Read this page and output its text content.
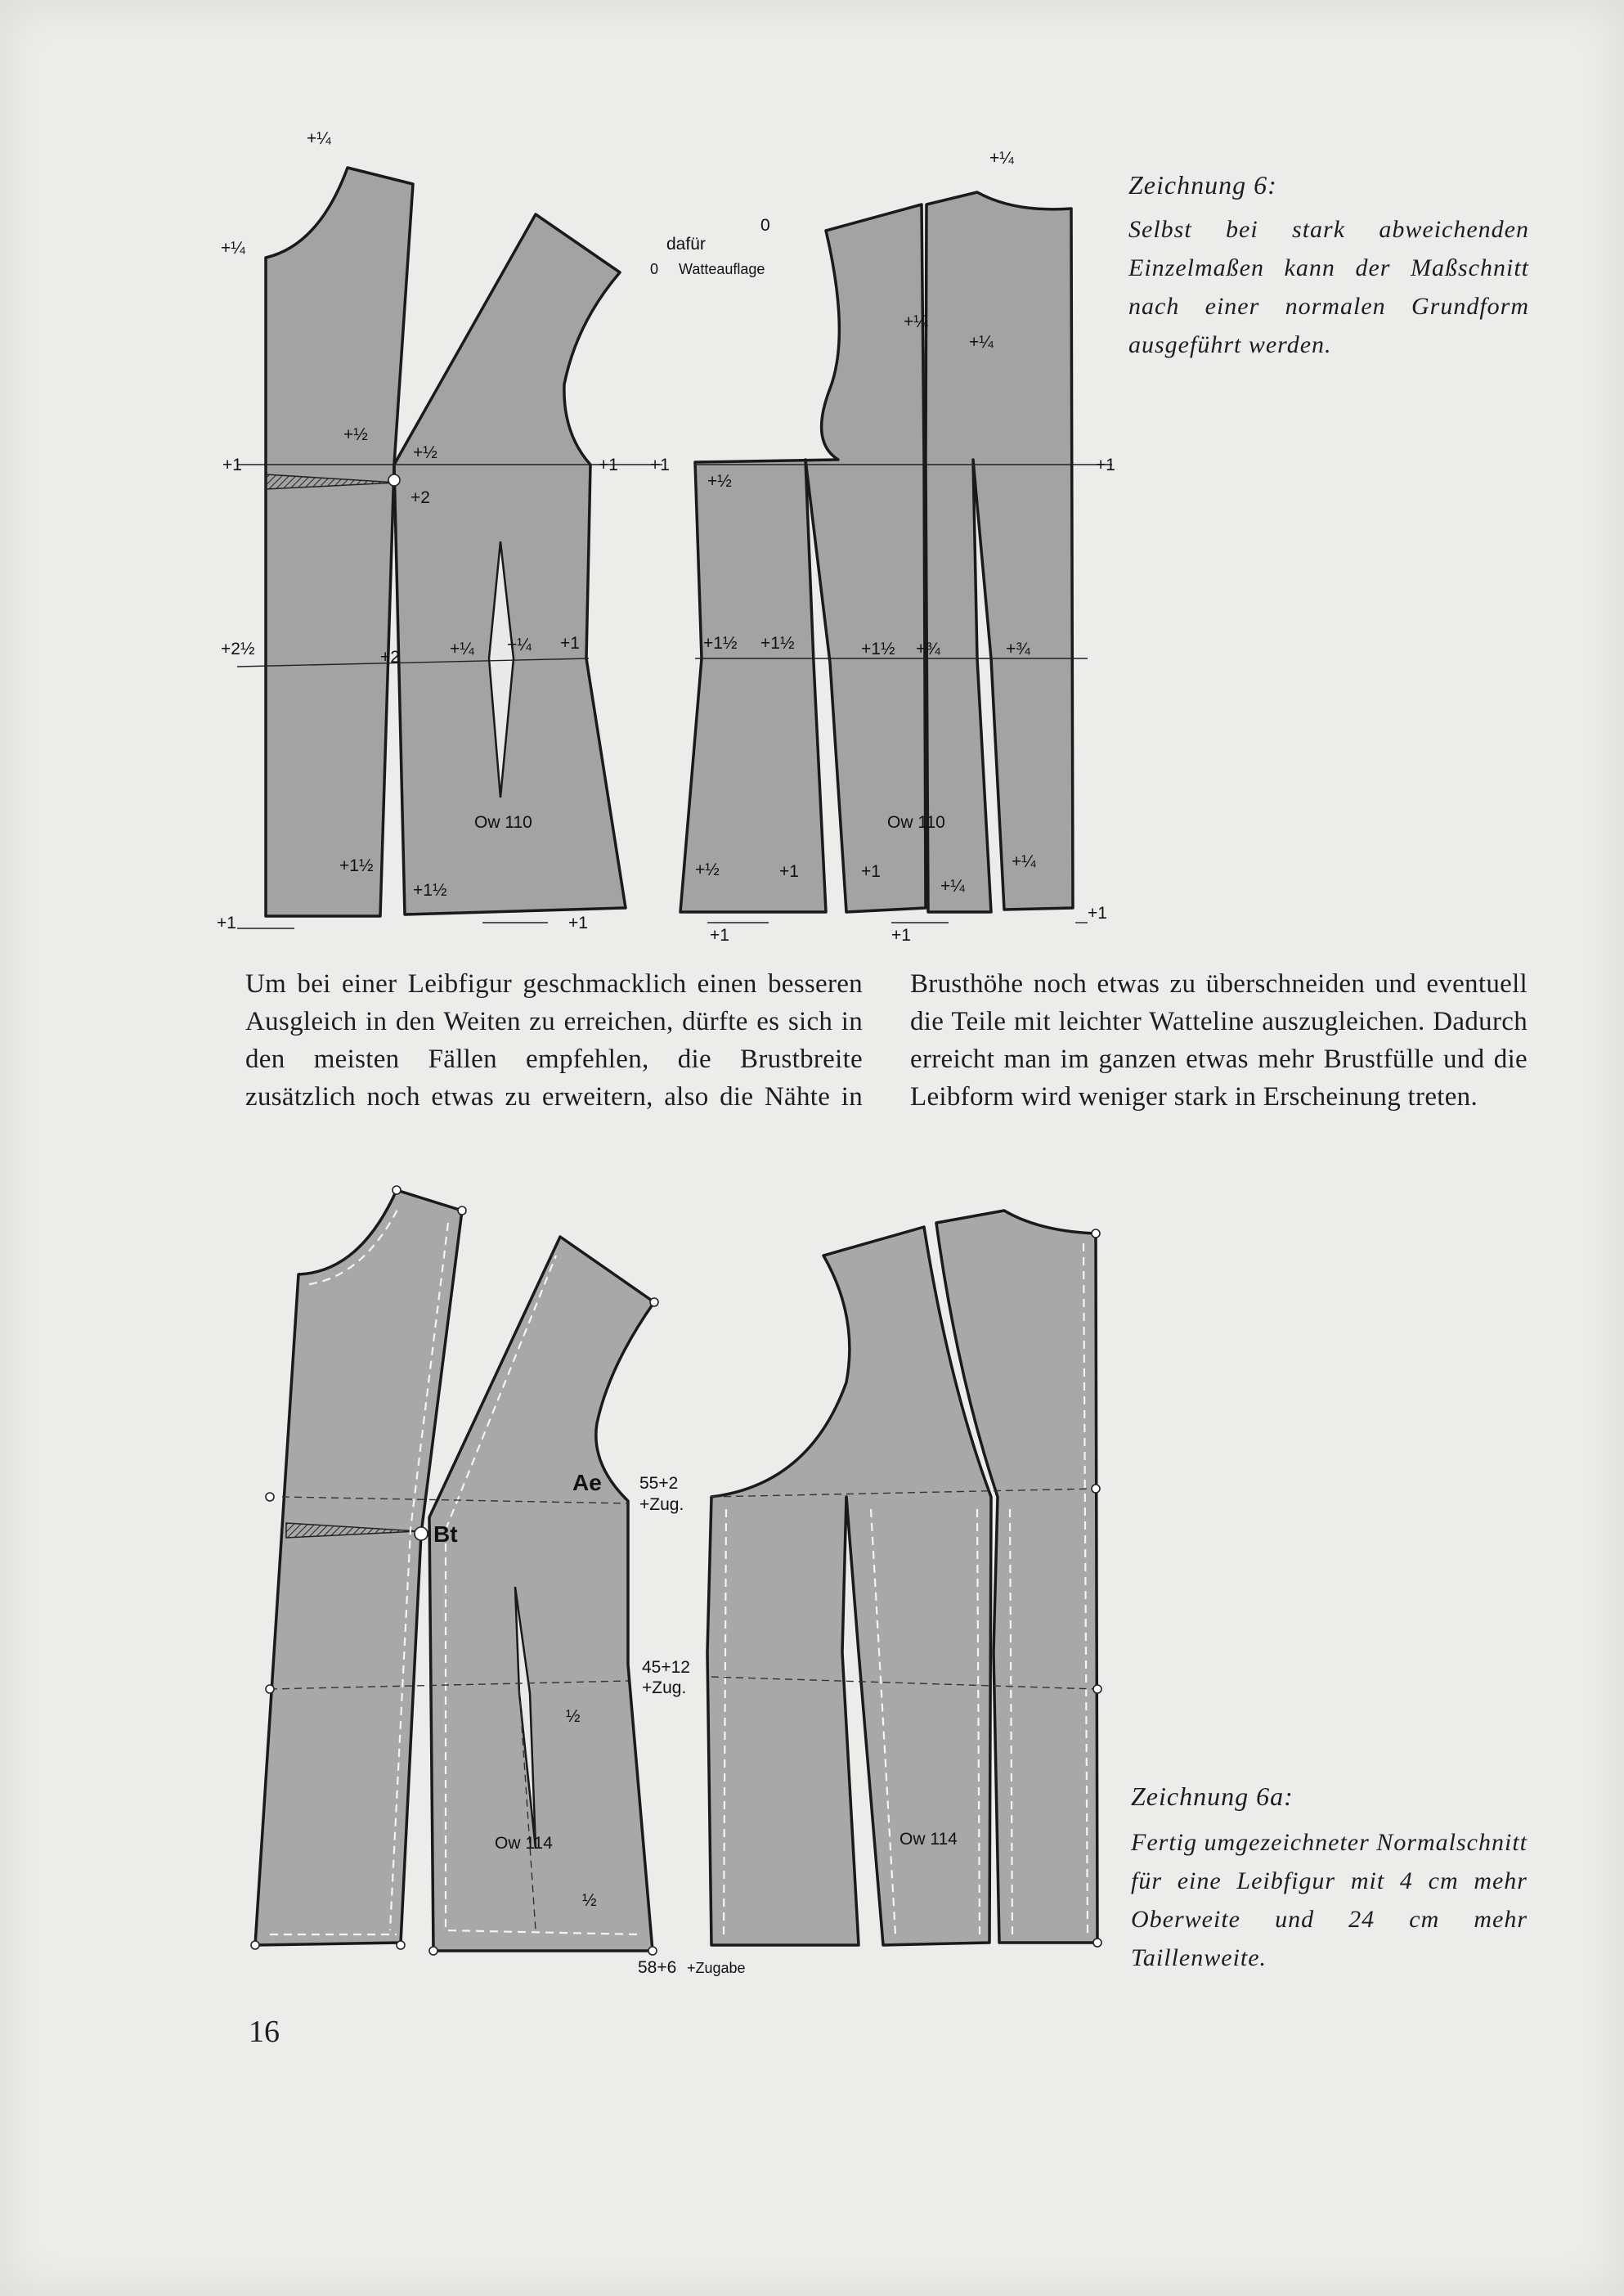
+¼
+¼	dafür
0 Watteauflage
+1
+½
+½
+2
+1
+2½	+2	+¼ +¼ +1
Ow 110
+1½
+1½
+1	+1
+¼
0
+¼
+¼
+1
+½
+1
+1½ +1½	+1½ +¾	+¾
Ow 110
+½	+1	+1
+¼
+¼
+1	+1
+1
Zeichnung 6:
Selbst bei stark abweichenden Einzelmaßen kann der Maßschnitt nach einer normalen Grundform ausgeführt werden.
Um bei einer Leibfigur geschmacklich einen besseren Ausgleich in den Weiten zu erreichen, dürfte es sich in den meisten Fällen empfehlen, die Brustbreite zusätzlich noch etwas zu erweitern, also die Nähte in
Brusthöhe noch etwas zu überschneiden und eventuell die Teile mit leichter Watteline auszugleichen. Dadurch erreicht man im ganzen etwas mehr Brustfülle und die Leibform wird weniger stark in Erscheinung treten.
Ae
Bt
55+2
+Zug.
45+12
+Zug.
½
½
Ow 114	Ow 114
58+6 +Zugabe
Zeichnung 6a:
Fertig umgezeichneter Normalschnitt für eine Leibfigur mit 4 cm mehr Oberweite und 24 cm mehr Taillenweite.
16
